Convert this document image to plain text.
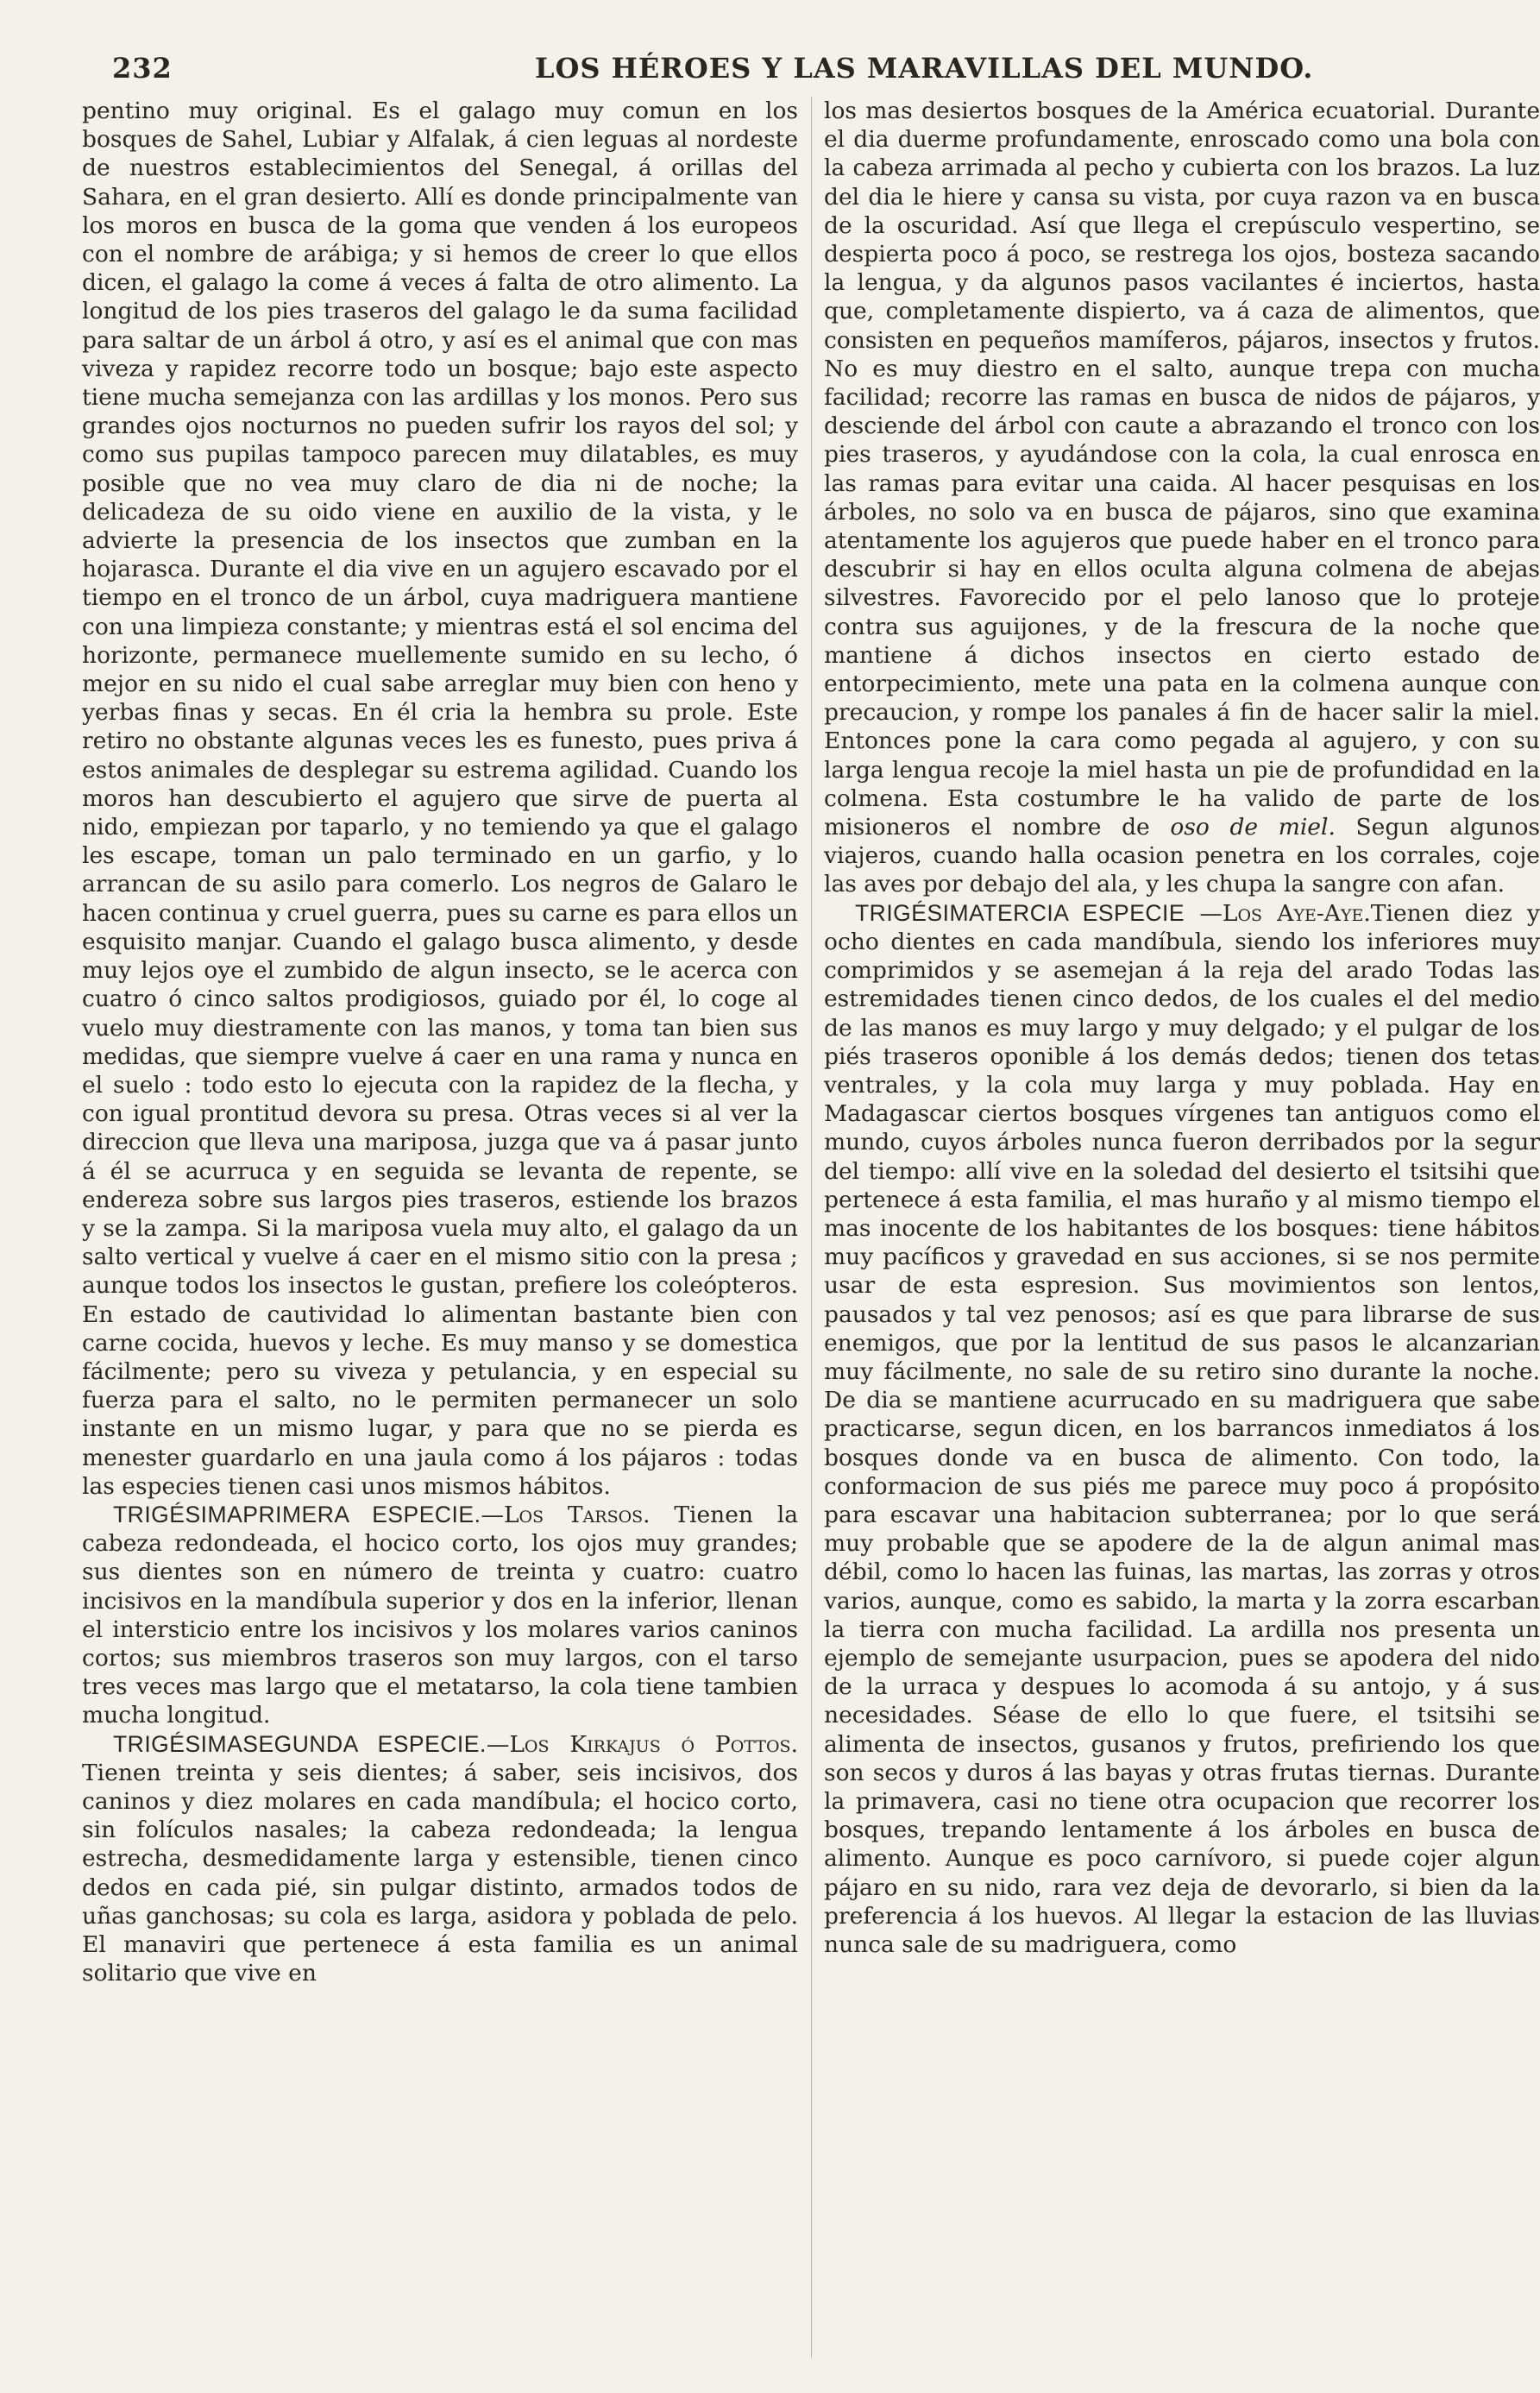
232	LOS HÉROES Y LAS MARAVILLAS DEL MUNDO.

pentino muy original. Es el galago muy comun en los bosques de Sahel, Lubiar y Alfalak, á cien leguas al nordeste de nuestros establecimientos del Senegal, á orillas del Sahara, en el gran desierto. Allí es donde principalmente van los moros en busca de la goma que venden á los europeos con el nombre de arábiga; y si hemos de creer lo que ellos dicen, el galago la come á veces á falta de otro alimento. La longitud de los pies traseros del galago le da suma facilidad para saltar de un árbol á otro, y así es el animal que con mas viveza y rapidez recorre todo un bosque; bajo este aspecto tiene mucha semejanza con las ardillas y los monos. Pero sus grandes ojos nocturnos no pueden sufrir los rayos del sol; y como sus pupilas tampoco parecen muy dilatables, es muy posible que no vea muy claro de dia ni de noche; la delicadeza de su oido viene en auxilio de la vista, y le advierte la presencia de los insectos que zumban en la hojarasca. Durante el dia vive en un agujero escavado por el tiempo en el tronco de un árbol, cuya madriguera mantiene con una limpieza constante; y mientras está el sol encima del horizonte, permanece muellemente sumido en su lecho, ó mejor en su nido el cual sabe arreglar muy bien con heno y yerbas finas y secas. En él cria la hembra su prole. Este retiro no obstante algunas veces les es funesto, pues priva á estos animales de desplegar su estrema agilidad. Cuando los moros han descubierto el agujero que sirve de puerta al nido, empiezan por taparlo, y no temiendo ya que el galago les escape, toman un palo terminado en un garfio, y lo arrancan de su asilo para comerlo. Los negros de Galaro le hacen continua y cruel guerra, pues su carne es para ellos un esquisito manjar. Cuando el galago busca alimento, y desde muy lejos oye el zumbido de algun insecto, se le acerca con cuatro ó cinco saltos prodigiosos, guiado por él, lo coge al vuelo muy diestramente con las manos, y toma tan bien sus medidas, que siempre vuelve á caer en una rama y nunca en el suelo : todo esto lo ejecuta con la rapidez de la flecha, y con igual prontitud devora su presa. Otras veces si al ver la direccion que lleva una mariposa, juzga que va á pasar junto á él se acurruca y en seguida se levanta de repente, se endereza sobre sus largos pies traseros, estiende los brazos y se la zampa. Si la mariposa vuela muy alto, el galago da un salto vertical y vuelve á caer en el mismo sitio con la presa ; aunque todos los insectos le gustan, prefiere los coleópteros. En estado de cautividad lo alimentan bastante bien con carne cocida, huevos y leche. Es muy manso y se domestica fácilmente; pero su viveza y petulancia, y en especial su fuerza para el salto, no le permiten permanecer un solo instante en un mismo lugar, y para que no se pierda es menester guardarlo en una jaula como á los pájaros : todas las especies tienen casi unos mismos hábitos.

TRIGÉSIMAPRIMERA ESPECIE.—Los Tarsos. Tienen la cabeza redondeada, el hocico corto, los ojos muy grandes; sus dientes son en número de treinta y cuatro: cuatro incisivos en la mandíbula superior y dos en la inferior, llenan el intersticio entre los incisivos y los molares varios caninos cortos; sus miembros traseros son muy largos, con el tarso tres veces mas largo que el metatarso, la cola tiene tambien mucha longitud.

TRIGÉSIMASEGUNDA ESPECIE.—Los Kirkajus ó Pottos. Tienen treinta y seis dientes; á saber, seis incisivos, dos caninos y diez molares en cada mandíbula; el hocico corto, sin folículos nasales; la cabeza redondeada; la lengua estrecha, desmedidamente larga y estensible, tienen cinco dedos en cada pié, sin pulgar distinto, armados todos de uñas ganchosas; su cola es larga, asidora y poblada de pelo. El manaviri que pertenece á esta familia es un animal solitario que vive en

los mas desiertos bosques de la América ecuatorial. Durante el dia duerme profundamente, enroscado como una bola con la cabeza arrimada al pecho y cubierta con los brazos. La luz del dia le hiere y cansa su vista, por cuya razon va en busca de la oscuridad. Así que llega el crepúsculo vespertino, se despierta poco á poco, se restrega los ojos, bosteza sacando la lengua, y da algunos pasos vacilantes é inciertos, hasta que, completamente dispierto, va á caza de alimentos, que consisten en pequeños mamíferos, pájaros, insectos y frutos. No es muy diestro en el salto, aunque trepa con mucha facilidad; recorre las ramas en busca de nidos de pájaros, y desciende del árbol con caute a abrazando el tronco con los pies traseros, y ayudándose con la cola, la cual enrosca en las ramas para evitar una caida. Al hacer pesquisas en los árboles, no solo va en busca de pájaros, sino que examina atentamente los agujeros que puede haber en el tronco para descubrir si hay en ellos oculta alguna colmena de abejas silvestres. Favorecido por el pelo lanoso que lo proteje contra sus aguijones, y de la frescura de la noche que mantiene á dichos insectos en cierto estado de entorpecimiento, mete una pata en la colmena aunque con precaucion, y rompe los panales á fin de hacer salir la miel. Entonces pone la cara como pegada al agujero, y con su larga lengua recoje la miel hasta un pie de profundidad en la colmena. Esta costumbre le ha valido de parte de los misioneros el nombre de oso de miel. Segun algunos viajeros, cuando halla ocasion penetra en los corrales, coje las aves por debajo del ala, y les chupa la sangre con afan.

TRIGÉSIMATERCIA ESPECIE —Los Aye-Aye.Tienen diez y ocho dientes en cada mandíbula, siendo los inferiores muy comprimidos y se asemejan á la reja del arado Todas las estremidades tienen cinco dedos, de los cuales el del medio de las manos es muy largo y muy delgado; y el pulgar de los piés traseros oponible á los demás dedos; tienen dos tetas ventrales, y la cola muy larga y muy poblada. Hay en Madagascar ciertos bosques vírgenes tan antiguos como el mundo, cuyos árboles nunca fueron derribados por la segur del tiempo: allí vive en la soledad del desierto el tsitsihi que pertenece á esta familia, el mas huraño y al mismo tiempo el mas inocente de los habitantes de los bosques: tiene hábitos muy pacíficos y gravedad en sus acciones, si se nos permite usar de esta espresion. Sus movimientos son lentos, pausados y tal vez penosos; así es que para librarse de sus enemigos, que por la lentitud de sus pasos le alcanzarian muy fácilmente, no sale de su retiro sino durante la noche. De dia se mantiene acurrucado en su madriguera que sabe practicarse, segun dicen, en los barrancos inmediatos á los bosques donde va en busca de alimento. Con todo, la conformacion de sus piés me parece muy poco á propósito para escavar una habitacion subterranea; por lo que será muy probable que se apodere de la de algun animal mas débil, como lo hacen las fuinas, las martas, las zorras y otros varios, aunque, como es sabido, la marta y la zorra escarban la tierra con mucha facilidad. La ardilla nos presenta un ejemplo de semejante usurpacion, pues se apodera del nido de la urraca y despues lo acomoda á su antojo, y á sus necesidades. Séase de ello lo que fuere, el tsitsihi se alimenta de insectos, gusanos y frutos, prefiriendo los que son secos y duros á las bayas y otras frutas tiernas. Durante la primavera, casi no tiene otra ocupacion que recorrer los bosques, trepando lentamente á los árboles en busca de alimento. Aunque es poco carnívoro, si puede cojer algun pájaro en su nido, rara vez deja de devorarlo, si bien da la preferencia á los huevos. Al llegar la estacion de las lluvias nunca sale de su madriguera, como
